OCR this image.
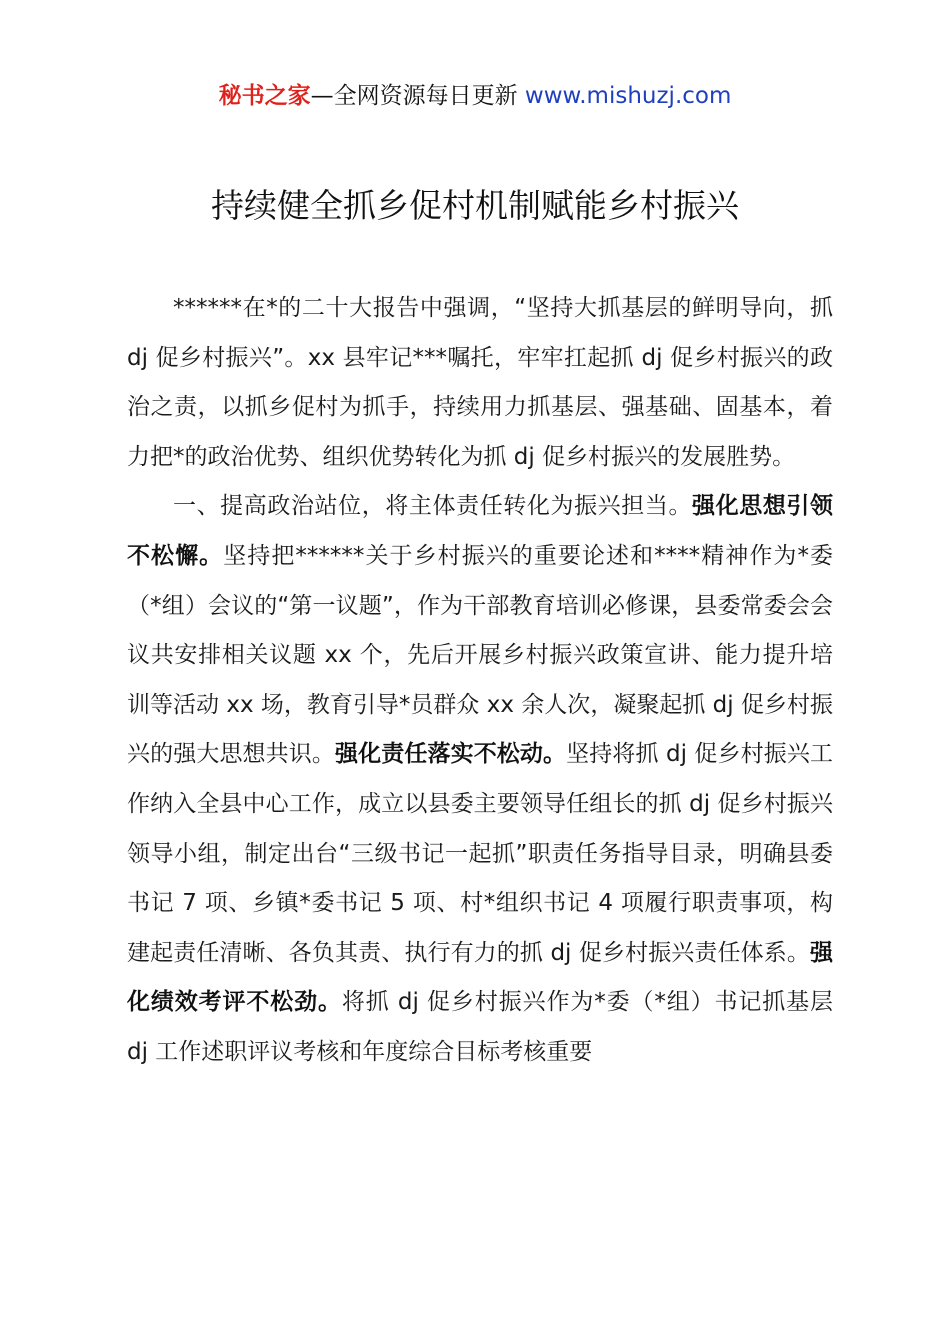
秘书之家—全网资源每日更新 www.mishuzj.com
持续健全抓乡促村机制赋能乡村振兴

******在*的二十大报告中强调，“坚持大抓基层的鲜明导向，抓 dj 促乡村振兴”。xx 县牢记***嘱托，牢牢扛起抓 dj 促乡村振兴的政治之责，以抓乡促村为抓手，持续用力抓基层、强基础、固基本，着力把*的政治优势、组织优势转化为抓 dj 促乡村振兴的发展胜势。

一、提高政治站位，将主体责任转化为振兴担当。强化思想引领不松懈。坚持把******关于乡村振兴的重要论述和****精神作为*委（*组）会议的“第一议题”，作为干部教育培训必修课，县委常委会会议共安排相关议题 xx 个，先后开展乡村振兴政策宣讲、能力提升培训等活动 xx 场，教育引导*员群众 xx 余人次，凝聚起抓 dj 促乡村振兴的强大思想共识。强化责任落实不松动。坚持将抓 dj 促乡村振兴工作纳入全县中心工作，成立以县委主要领导任组长的抓 dj 促乡村振兴领导小组，制定出台“三级书记一起抓”职责任务指导目录，明确县委书记 7 项、乡镇*委书记 5 项、村*组织书记 4 项履行职责事项，构建起责任清晰、各负其责、执行有力的抓 dj 促乡村振兴责任体系。强化绩效考评不松劲。将抓 dj 促乡村振兴作为*委（*组）书记抓基层 dj 工作述职评议考核和年度综合目标考核重要
